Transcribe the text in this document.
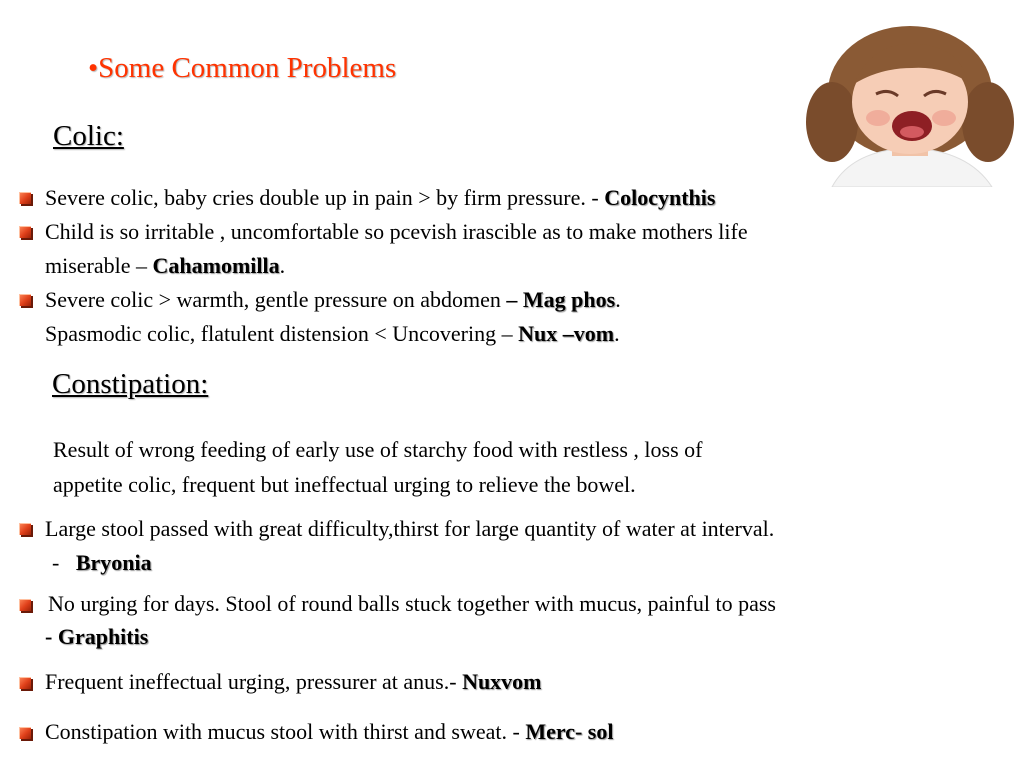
•Some Common Problems
Colic:
Severe colic, baby cries double up in pain > by firm pressure. - Colocynthis
Child is so irritable , uncomfortable so pcevish irascible as to make mothers life
miserable – Cahamomilla.
Severe colic > warmth, gentle pressure on abdomen – Mag phos.
Spasmodic colic, flatulent distension < Uncovering – Nux –vom.
Constipation:
Result of wrong feeding of early use of starchy food with restless , loss of
appetite colic, frequent but ineffectual urging to relieve the bowel.
Large stool passed with great difficulty,thirst for large quantity of water at interval.
-   Bryonia
No urging for days. Stool of round balls stuck together with mucus, painful to pass
- Graphitis
Frequent ineffectual urging, pressurer at anus.- Nuxvom
Constipation with mucus stool with thirst and sweat. - Merc- sol
